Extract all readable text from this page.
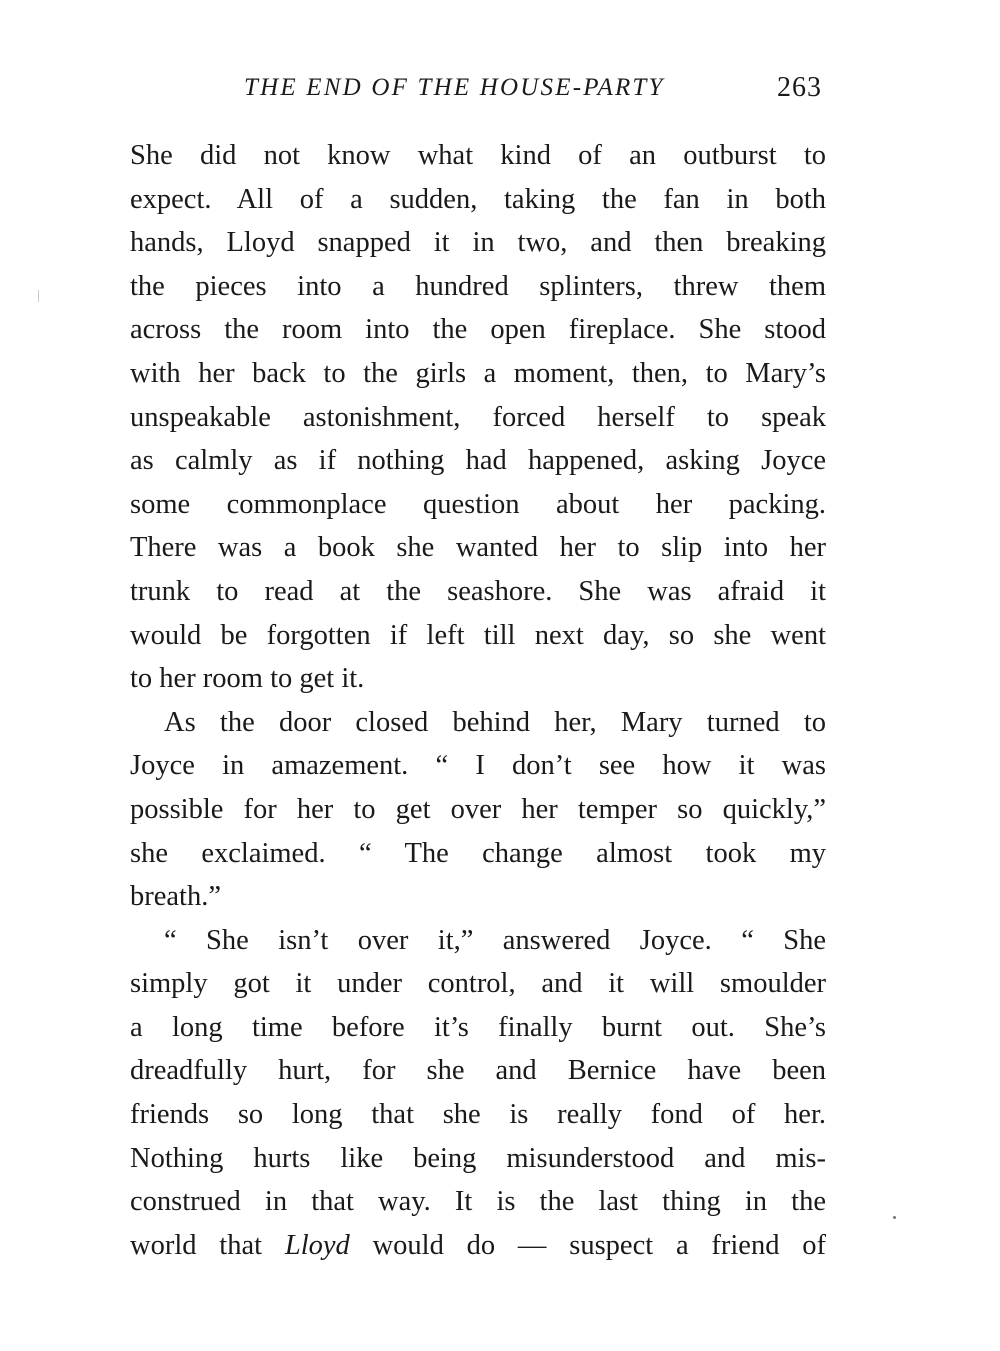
THE END OF THE HOUSE-PARTY	263
She did not know what kind of an outburst to
expect. All of a sudden, taking the fan in both
hands, Lloyd snapped it in two, and then breaking
the pieces into a hundred splinters, threw them
across the room into the open fireplace. She stood
with her back to the girls a moment, then, to Mary’s
unspeakable astonishment, forced herself to speak
as calmly as if nothing had happened, asking Joyce
some commonplace question about her packing.
There was a book she wanted her to slip into her
trunk to read at the seashore. She was afraid it
would be forgotten if left till next day, so she went
to her room to get it.
As the door closed behind her, Mary turned to
Joyce in amazement. “ I don’t see how it was
possible for her to get over her temper so quickly,”
she exclaimed. “ The change almost took my
breath.”
“ She isn’t over it,” answered Joyce. “ She
simply got it under control, and it will smoulder
a long time before it’s finally burnt out. She’s
dreadfully hurt, for she and Bernice have been
friends so long that she is really fond of her.
Nothing hurts like being misunderstood and mis-
construed in that way. It is the last thing in the
world that Lloyd would do — suspect a friend of
